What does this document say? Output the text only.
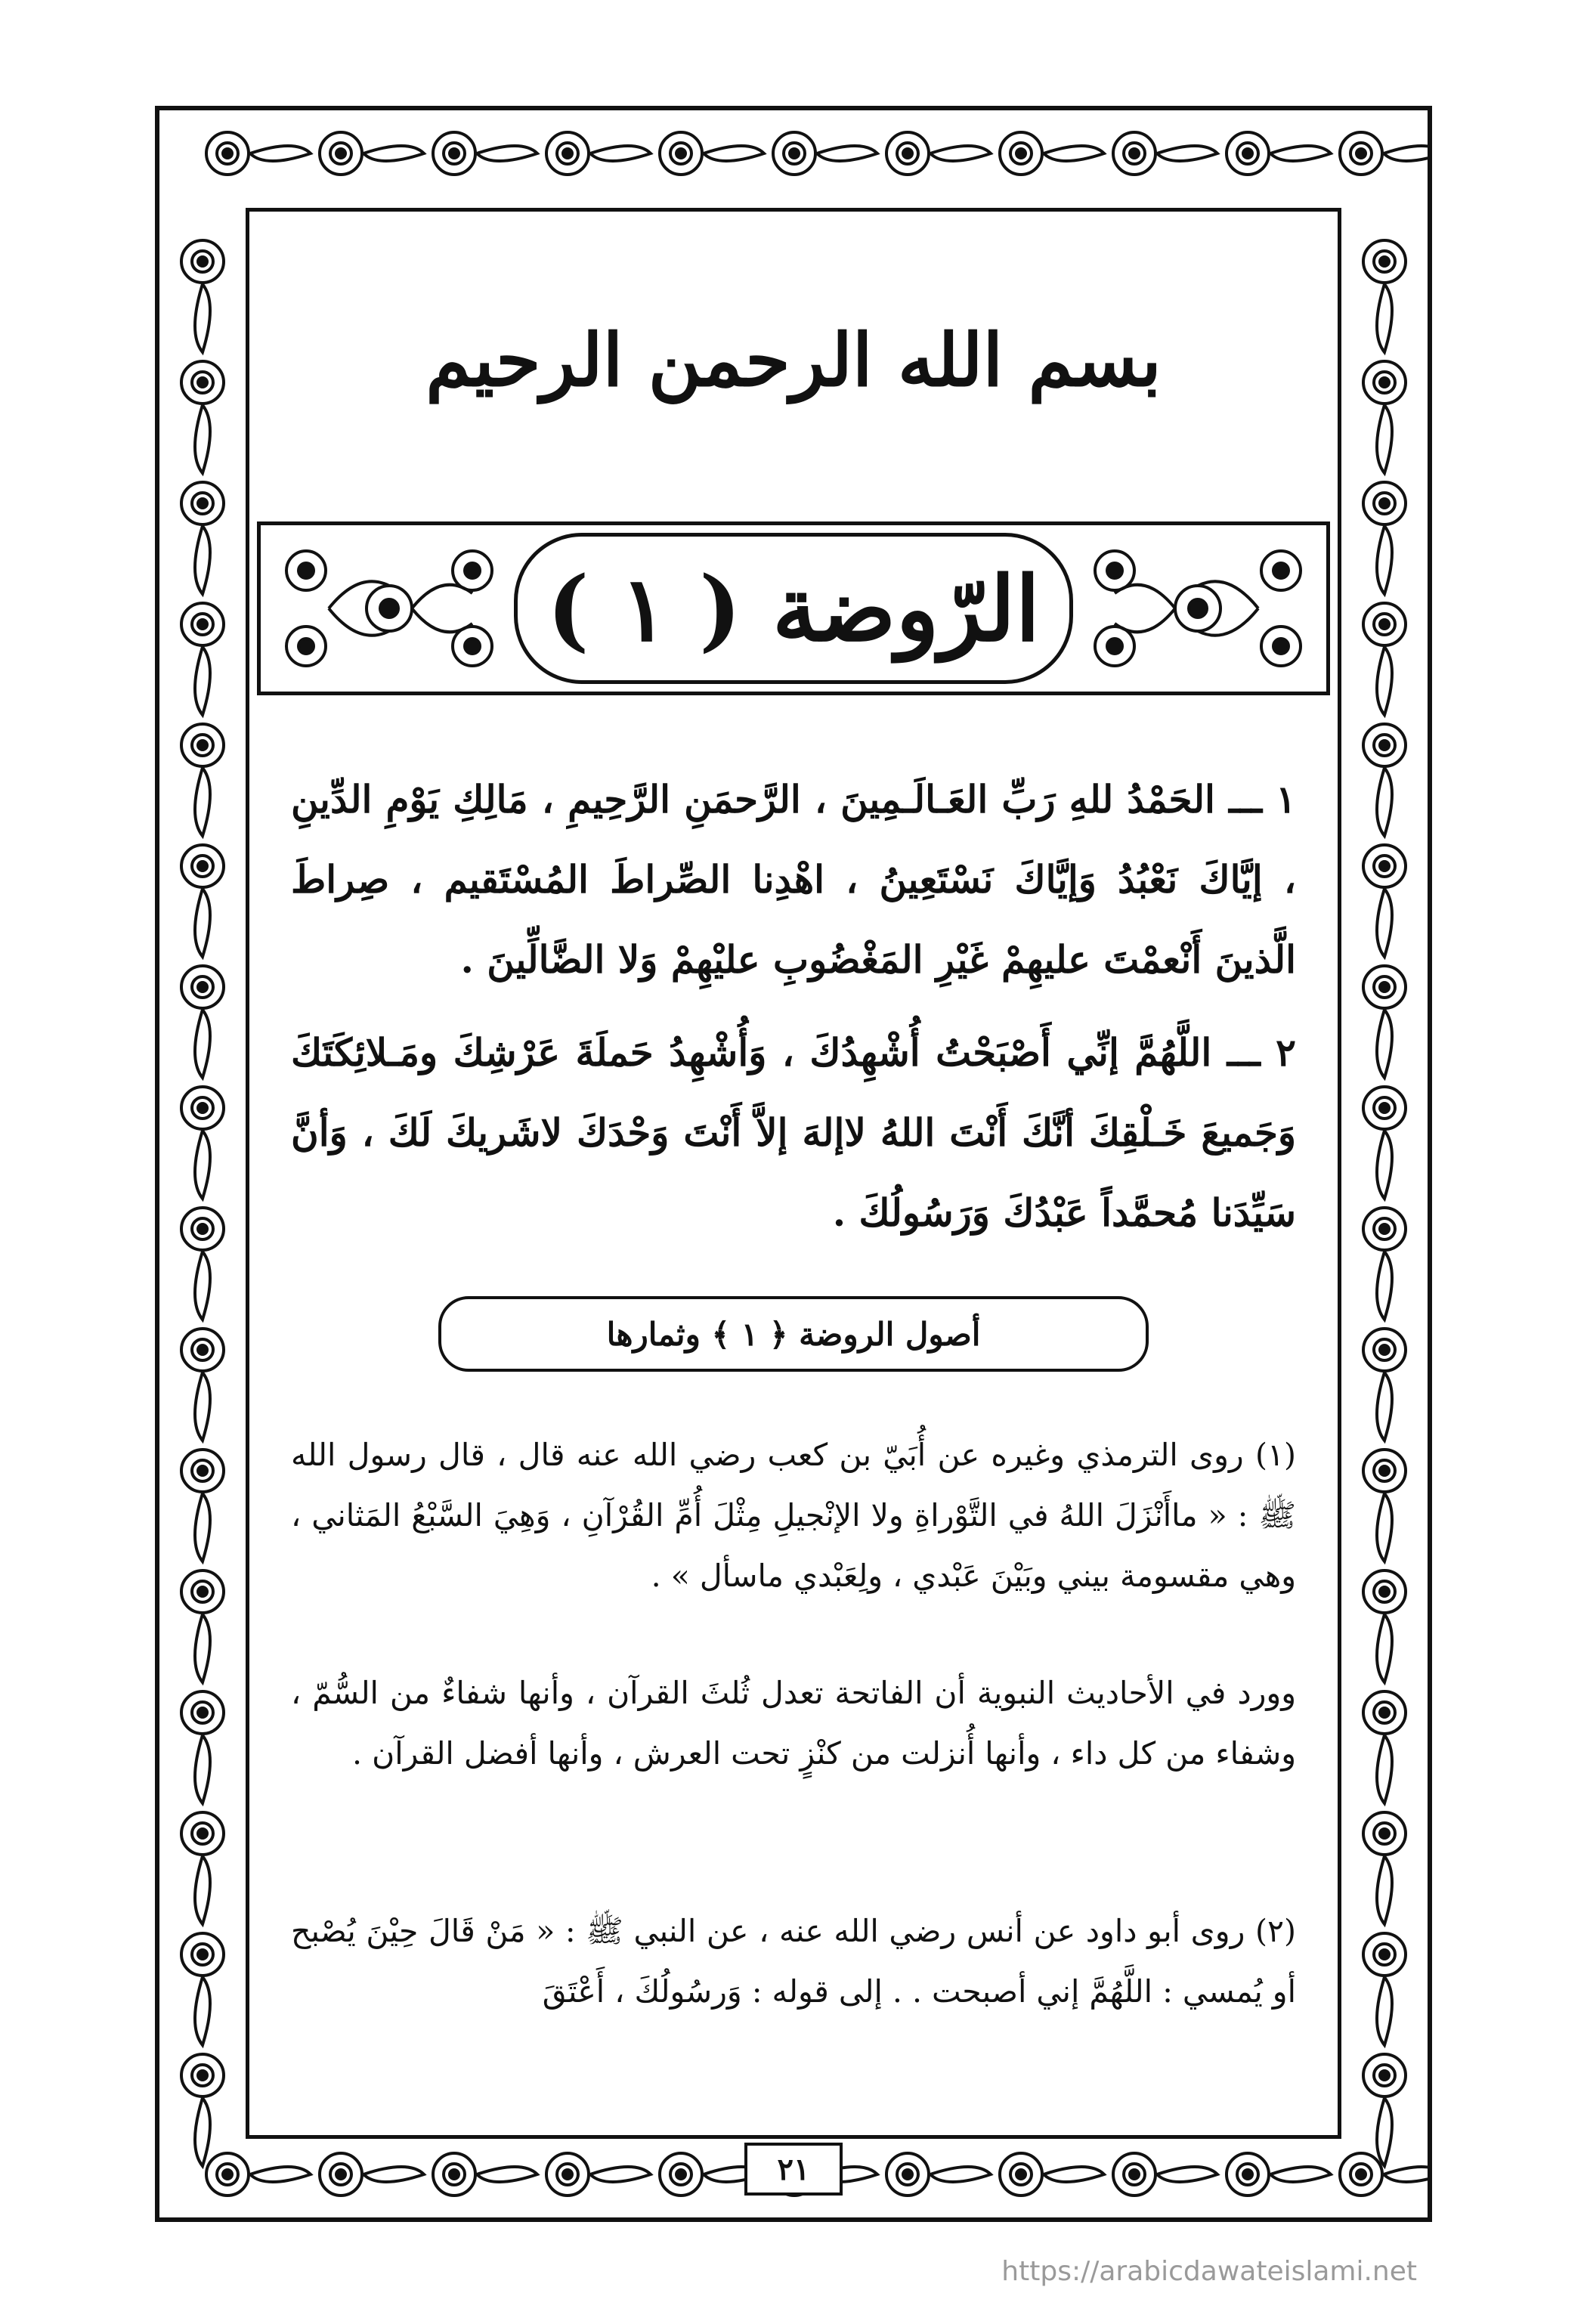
بسم الله الرحمن الرحيم
الرّوضة ( ١ )
١ ـــ الحَمْدُ للهِ رَبِّ العَـالَـمِينَ ، الرَّحمَنِ الرَّحِيمِ ، مَالِكِ يَوْمِ الدِّينِ ، إيَّاكَ نَعْبُدُ وَإيَّاكَ نَسْتَعِينُ ، اهْدِنا الصِّراطَ المُسْتَقيم ، صِراطَ الَّذينَ أَنْعمْتَ عليهِمْ غَيْرِ المَغْضُوبِ عليْهِمْ وَلا الضَّالِّينَ .
٢ ـــ اللَّهُمَّ إنِّي أَصْبَحْتُ أُشْهِدُكَ ، وَأُشْهِدُ حَملَةَ عَرْشِكَ ومَـلائِكَتَكَ وَجَميعَ خَـلْقِكَ أنَّكَ أَنْتَ اللهُ لاإلهَ إلاَّ أَنْتَ وَحْدَكَ لاشَريكَ لَكَ ، وَأنَّ سَيِّدَنا مُحمَّداً عَبْدُكَ وَرَسُولُكَ .
أصول الروضة ﴿ ١ ﴾ وثمارها
(١) روى الترمذي وغيره عن أُبَيّ بن كعب رضي الله عنه قال ، قال رسول الله ﷺ : « ماأَنْزَلَ اللهُ في التَّوْراةِ ولا الإنْجيلِ مِثْلَ أُمِّ القُرْآنِ ، وَهِيَ السَّبْعُ المَثاني ، وهي مقسومة بيني وبَيْنَ عَبْدي ، ولِعَبْدي ماسأل » .
وورد في الأحاديث النبوية أن الفاتحة تعدل ثُلثَ القرآن ، وأنها شفاءٌ من السُّمّ ، وشفاء من كل داء ، وأنها أُنزلت من كنْزٍ تحت العرش ، وأنها أفضل القرآن .
(٢) روى أبو داود عن أنس رضي الله عنه ، عن النبي ﷺ : « مَنْ قَالَ حِيْنَ يُصْبح أو يُمسي : اللَّهُمَّ إني أصبحت . . إلى قوله : وَرسُولُكَ ، أَعْتَقَ
٢١
https://arabicdawateislami.net
